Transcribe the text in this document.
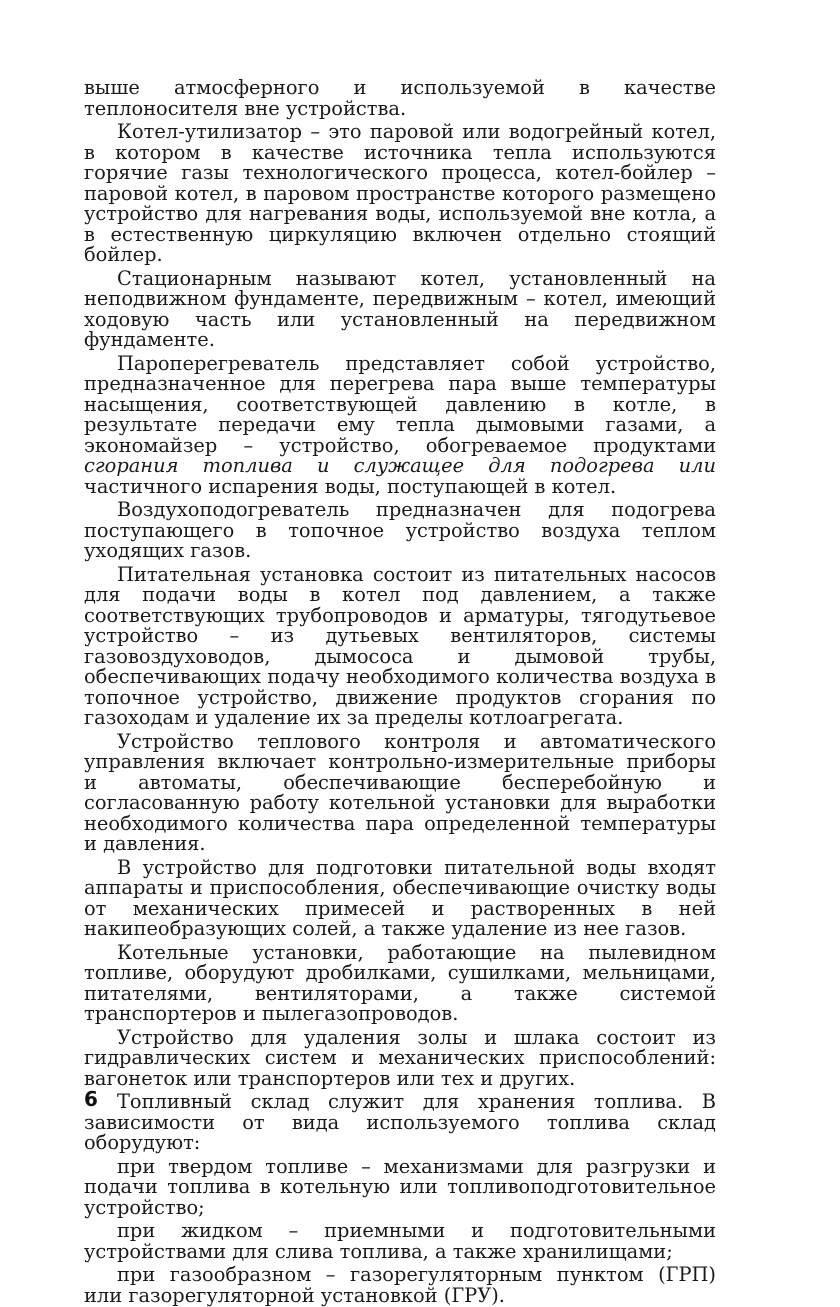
выше атмосферного и используемой в качестве теплоносителя вне устройства.

Котел-утилизатор – это паровой или водогрейный котел, в котором в качестве источника тепла используются горячие газы технологического процесса, котел-бойлер – паровой котел, в паровом пространстве которого размещено устройство для нагревания воды, используемой вне котла, а в естественную циркуляцию включен отдельно стоящий бойлер.

Стационарным называют котел, установленный на неподвижном фундаменте, передвижным – котел, имеющий ходовую часть или установленный на передвижном фундаменте.

Пароперегреватель представляет собой устройство, предназначенное для перегрева пара выше температуры насыщения, соответствующей давлению в котле, в результате передачи ему тепла дымовыми газами, а экономайзер – устройство, обогреваемое продуктами сгорания топлива и служащее для подогрева или частичного испарения воды, поступающей в котел.

Воздухоподогреватель предназначен для подогрева поступающего в топочное устройство воздуха теплом уходящих газов.

Питательная установка состоит из питательных насосов для подачи воды в котел под давлением, а также соответствующих трубопроводов и арматуры, тягодутьевое устройство – из дутьевых вентиляторов, системы газовоздуховодов, дымососа и дымовой трубы, обеспечивающих подачу необходимого количества воздуха в топочное устройство, движение продуктов сгорания по газоходам и удаление их за пределы котлоагрегата.

Устройство теплового контроля и автоматического управления включает контрольно-измерительные приборы и автоматы, обеспечивающие бесперебойную и согласованную работу котельной установки для выработки необходимого количества пара определенной температуры и давления.

В устройство для подготовки питательной воды входят аппараты и приспособления, обеспечивающие очистку воды от механических примесей и растворенных в ней накипеобразующих солей, а также удаление из нее газов.

Котельные установки, работающие на пылевидном топливе, оборудуют дробилками, сушилками, мельницами, питателями, вентиляторами, а также системой транспортеров и пылегазопроводов.

Устройство для удаления золы и шлака состоит из гидравлических систем и механических приспособлений: вагонеток или транспортеров или тех и других.

Топливный склад служит для хранения топлива. В зависимости от вида используемого топлива склад оборудуют:

при твердом топливе – механизмами для разгрузки и подачи топлива в котельную или топливоподготовительное устройство;

при жидком – приемными и подготовительными устройствами для слива топлива, а также хранилищами;

при газообразном – газорегуляторным пунктом (ГРП) или газорегуляторной установкой (ГРУ).

6
